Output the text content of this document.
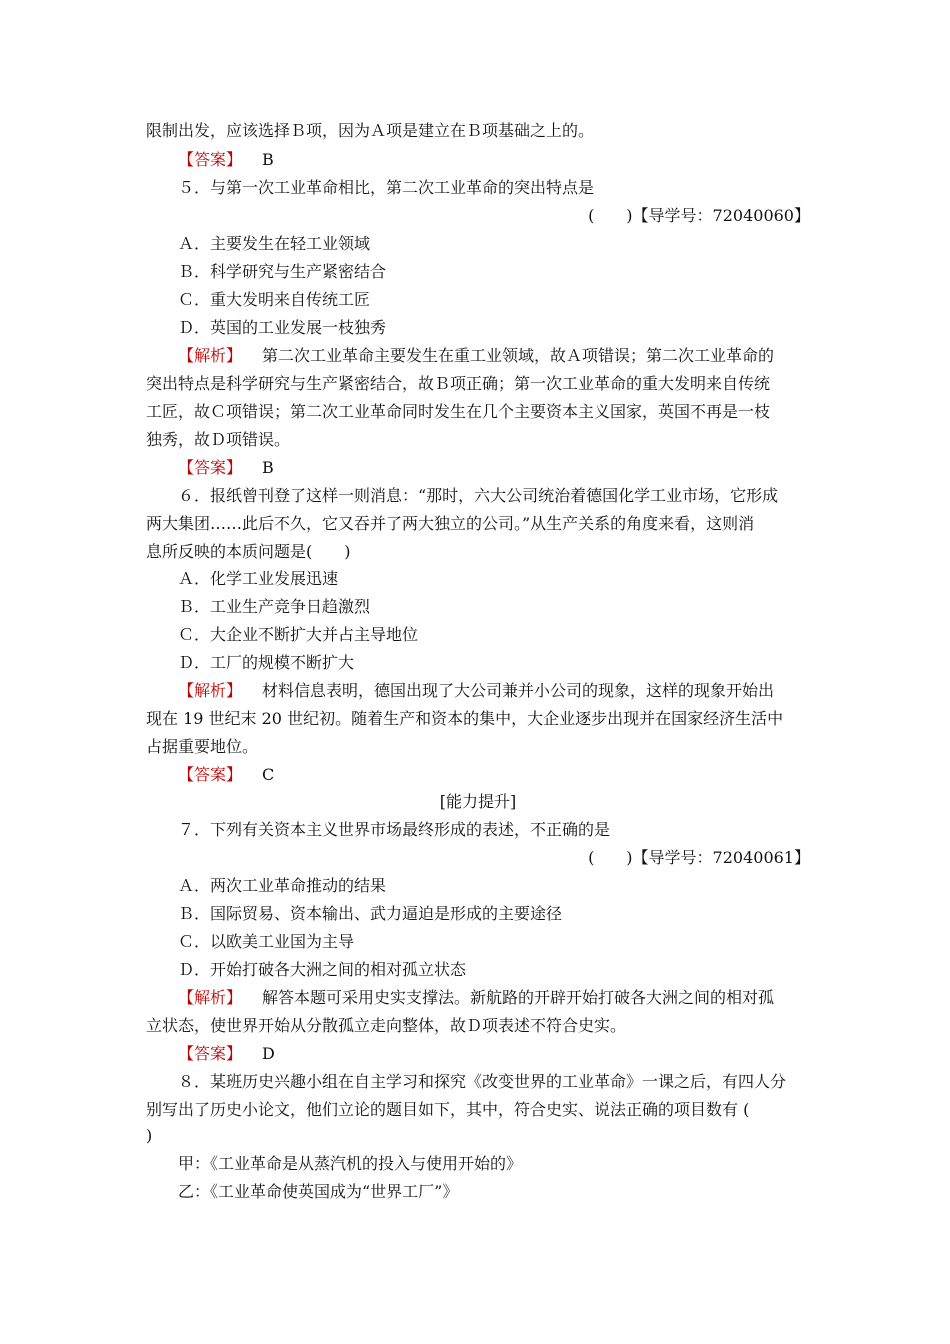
限制出发，应该选择Ｂ项，因为Ａ项是建立在Ｂ项基础之上的。
【答案】 B
５．与第一次工业革命相比，第二次工业革命的突出特点是
(　　)【导学号：72040060】
Ａ．主要发生在轻工业领域
Ｂ．科学研究与生产紧密结合
Ｃ．重大发明来自传统工匠
Ｄ．英国的工业发展一枝独秀
【解析】 第二次工业革命主要发生在重工业领域，故Ａ项错误；第二次工业革命的
突出特点是科学研究与生产紧密结合，故Ｂ项正确；第一次工业革命的重大发明来自传统
工匠，故Ｃ项错误；第二次工业革命同时发生在几个主要资本主义国家，英国不再是一枝
独秀，故Ｄ项错误。
【答案】 B
６．报纸曾刊登了这样一则消息：“那时，六大公司统治着德国化学工业市场，它形成
两大集团……此后不久，它又吞并了两大独立的公司。”从生产关系的角度来看，这则消
息所反映的本质问题是(　　)
Ａ．化学工业发展迅速
Ｂ．工业生产竞争日趋激烈
Ｃ．大企业不断扩大并占主导地位
Ｄ．工厂的规模不断扩大
【解析】 材料信息表明，德国出现了大公司兼并小公司的现象，这样的现象开始出
现在 19 世纪末 20 世纪初。随着生产和资本的集中，大企业逐步出现并在国家经济生活中
占据重要地位。
【答案】 C
[能力提升]
７．下列有关资本主义世界市场最终形成的表述，不正确的是
(　　)【导学号：72040061】
Ａ．两次工业革命推动的结果
Ｂ．国际贸易、资本输出、武力逼迫是形成的主要途径
Ｃ．以欧美工业国为主导
Ｄ．开始打破各大洲之间的相对孤立状态
【解析】 解答本题可采用史实支撑法。新航路的开辟开始打破各大洲之间的相对孤
立状态，使世界开始从分散孤立走向整体，故Ｄ项表述不符合史实。
【答案】 D
８．某班历史兴趣小组在自主学习和探究《改变世界的工业革命》一课之后，有四人分
别写出了历史小论文，他们立论的题目如下，其中，符合史实、说法正确的项目数有 (
)
甲：《工业革命是从蒸汽机的投入与使用开始的》
乙：《工业革命使英国成为“世界工厂”》
